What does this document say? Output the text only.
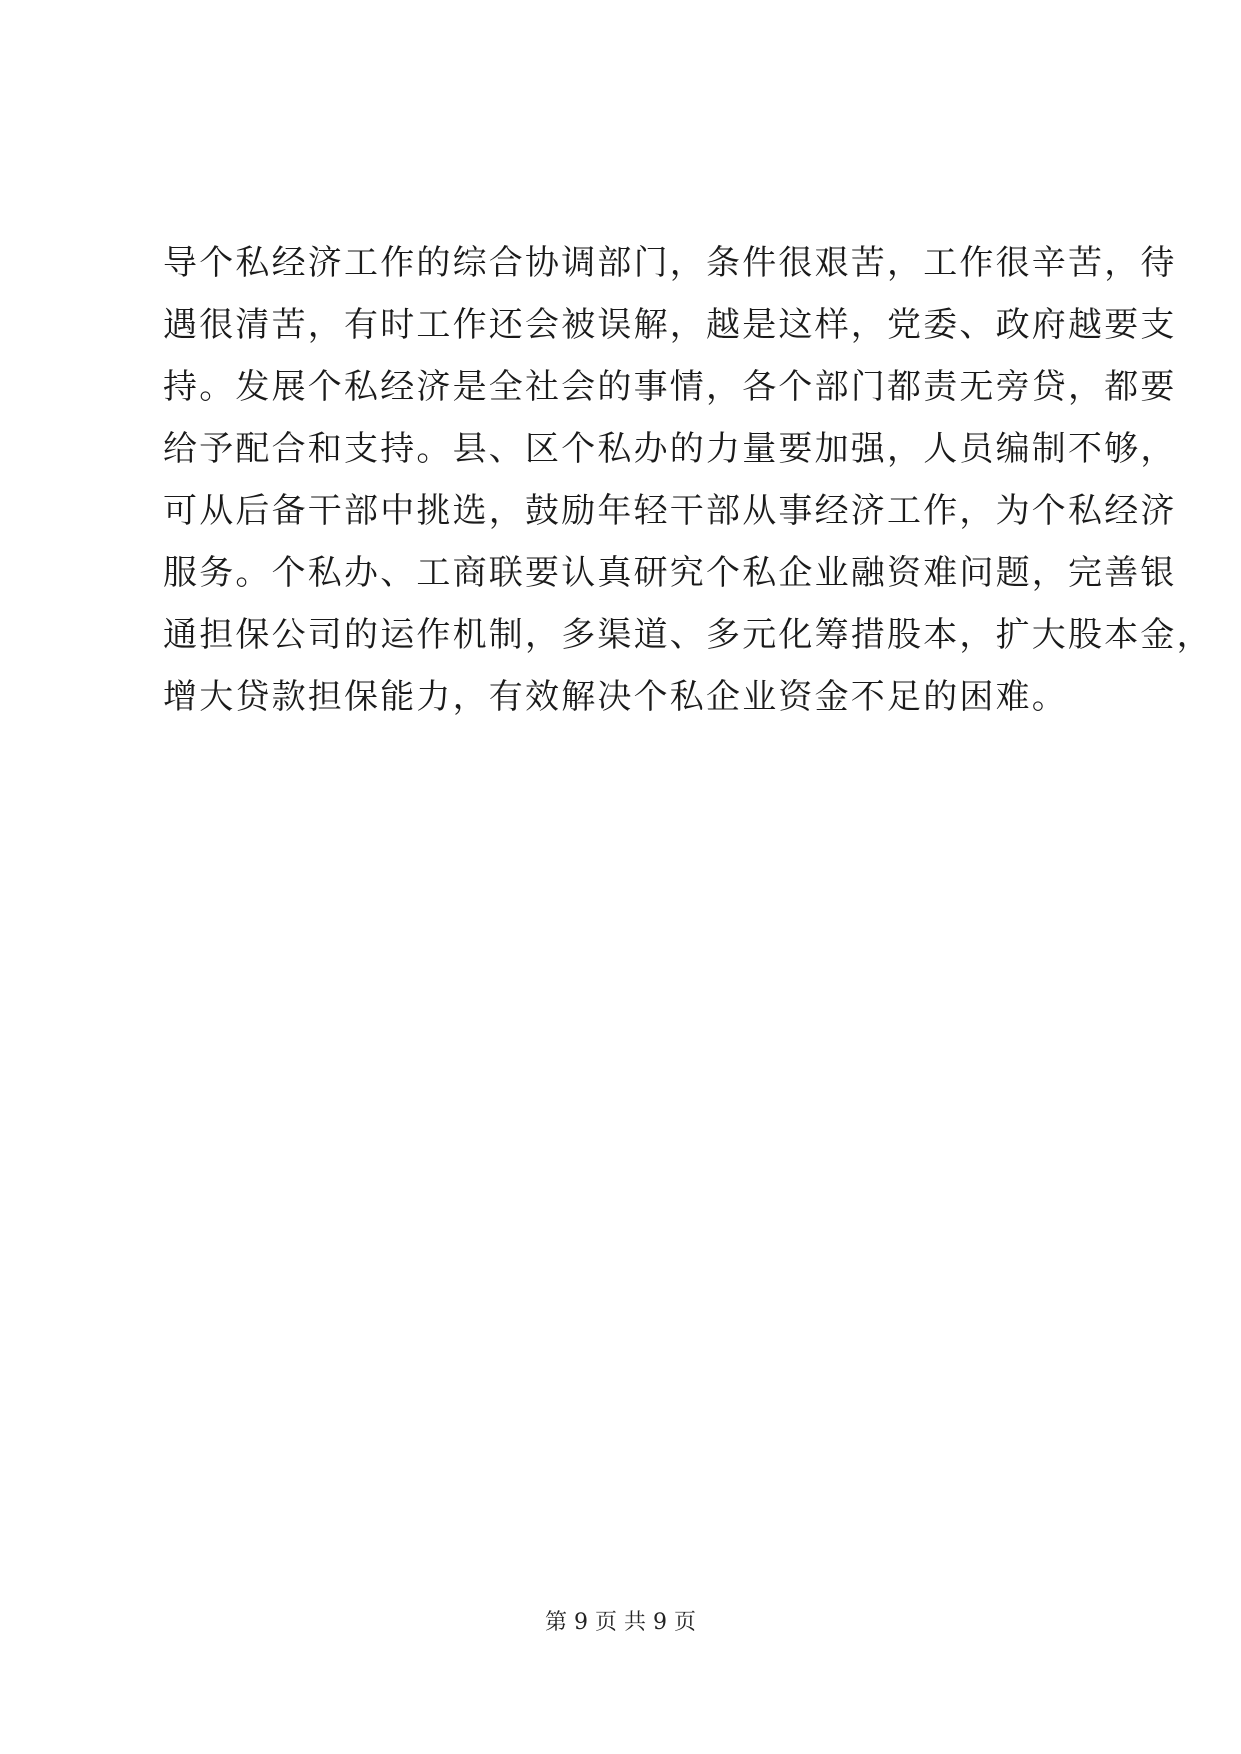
导个私经济工作的综合协调部门，条件很艰苦，工作很辛苦，待
遇很清苦，有时工作还会被误解，越是这样，党委、政府越要支
持。发展个私经济是全社会的事情，各个部门都责无旁贷，都要
给予配合和支持。县、区个私办的力量要加强，人员编制不够，
可从后备干部中挑选，鼓励年轻干部从事经济工作，为个私经济
服务。个私办、工商联要认真研究个私企业融资难问题，完善银
通担保公司的运作机制，多渠道、多元化筹措股本，扩大股本金，
增大贷款担保能力，有效解决个私企业资金不足的困难。
第 9 页 共 9 页
